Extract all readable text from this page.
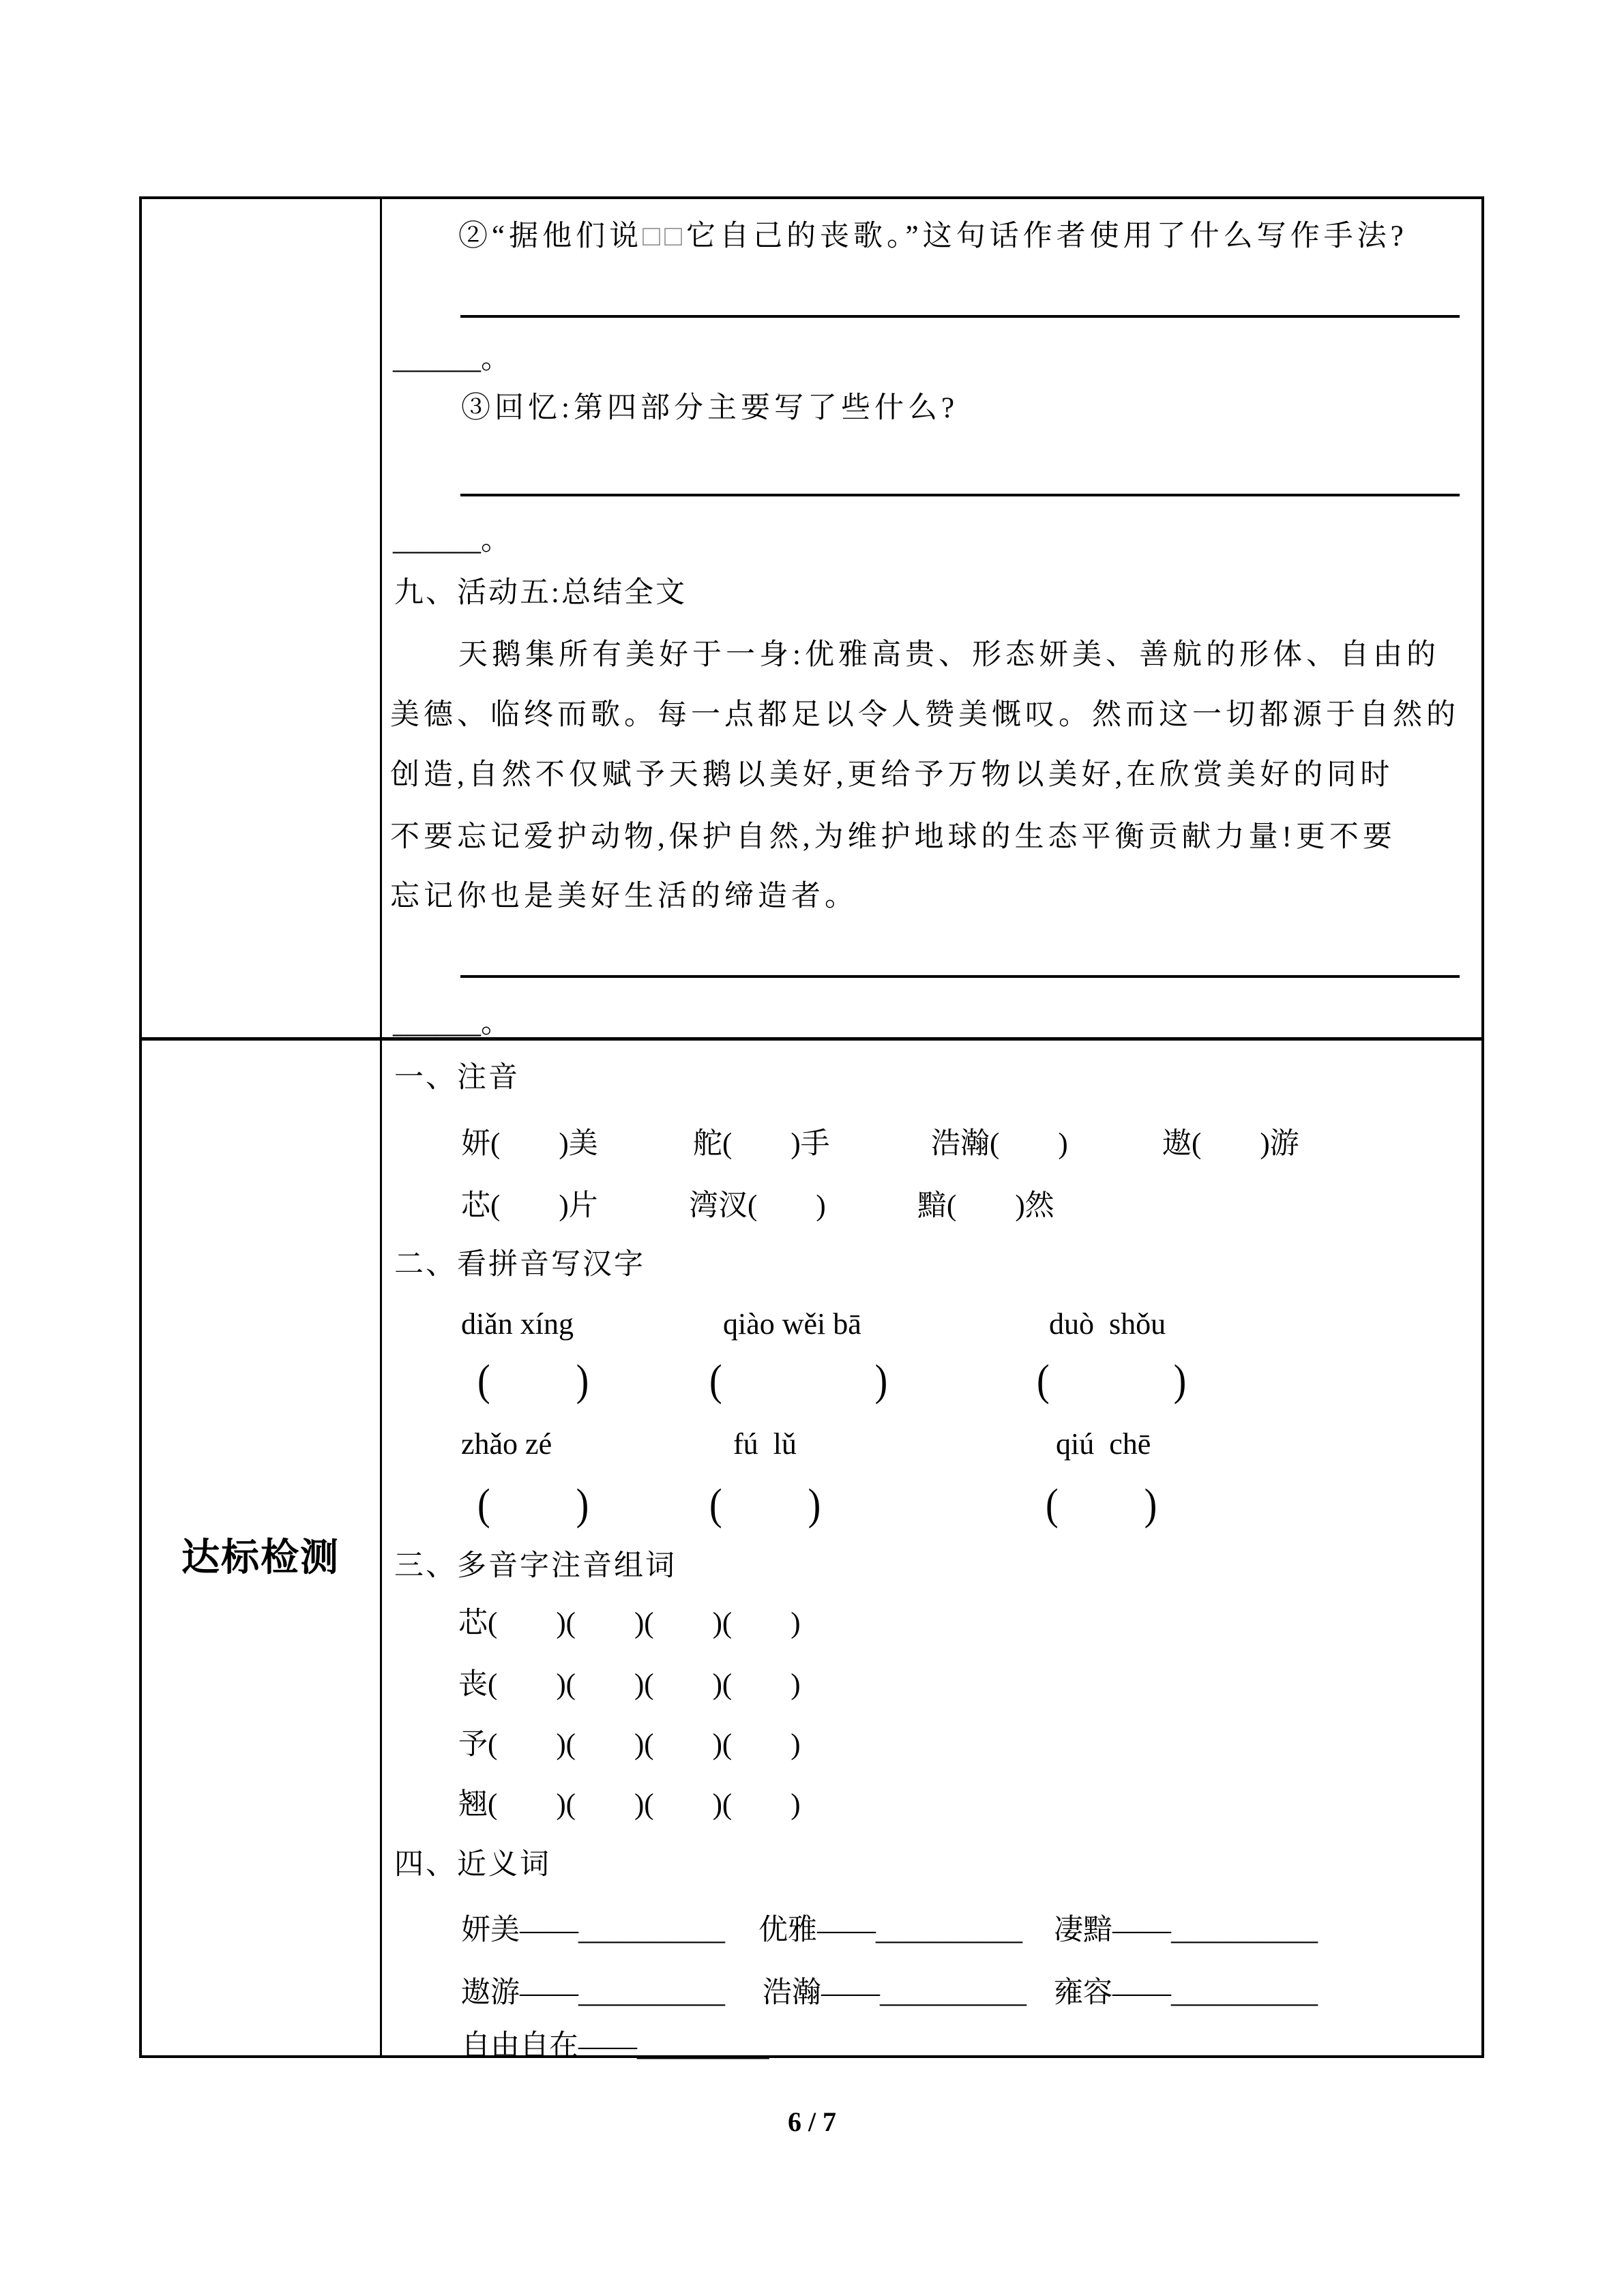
②“据他们说□□它自己的丧歌。”这句话作者使用了什么写作手法?
______。
③回忆:第四部分主要写了些什么?
______。
九、活动五:总结全文
天鹅集所有美好于一身:优雅高贵、形态妍美、善航的形体、自由的
美德、临终而歌。每一点都足以令人赞美慨叹。然而这一切都源于自然的
创造,自然不仅赋予天鹅以美好,更给予万物以美好,在欣赏美好的同时
不要忘记爱护动物,保护自然,为维护地球的生态平衡贡献力量!更不要
忘记你也是美好生活的缔造者。
______。
达标检测
一、注音
妍(　　)美	舵(　　)手	浩瀚(　　)	遨(　　)游
芯(　　)片	湾汊(　　)	黯(　　)然
二、看拼音写汉字
diǎn xíng	qiào wěi bā	duò  shǒu
(         )	(                )	(             )
zhǎo zé	fú  lǔ	qiú  chē
(         )	(         )	(         )
三、多音字注音组词
芯(　　)(　　)(　　)(　　)
丧(　　)(　　)(　　)(　　)
予(　　)(　　)(　　)(　　)
翘(　　)(　　)(　　)(　　)
四、近义词
妍美——__________ 优雅——__________ 凄黯——__________
遨游——__________ 浩瀚——__________ 雍容——__________
自由自在——_________
6 / 7
